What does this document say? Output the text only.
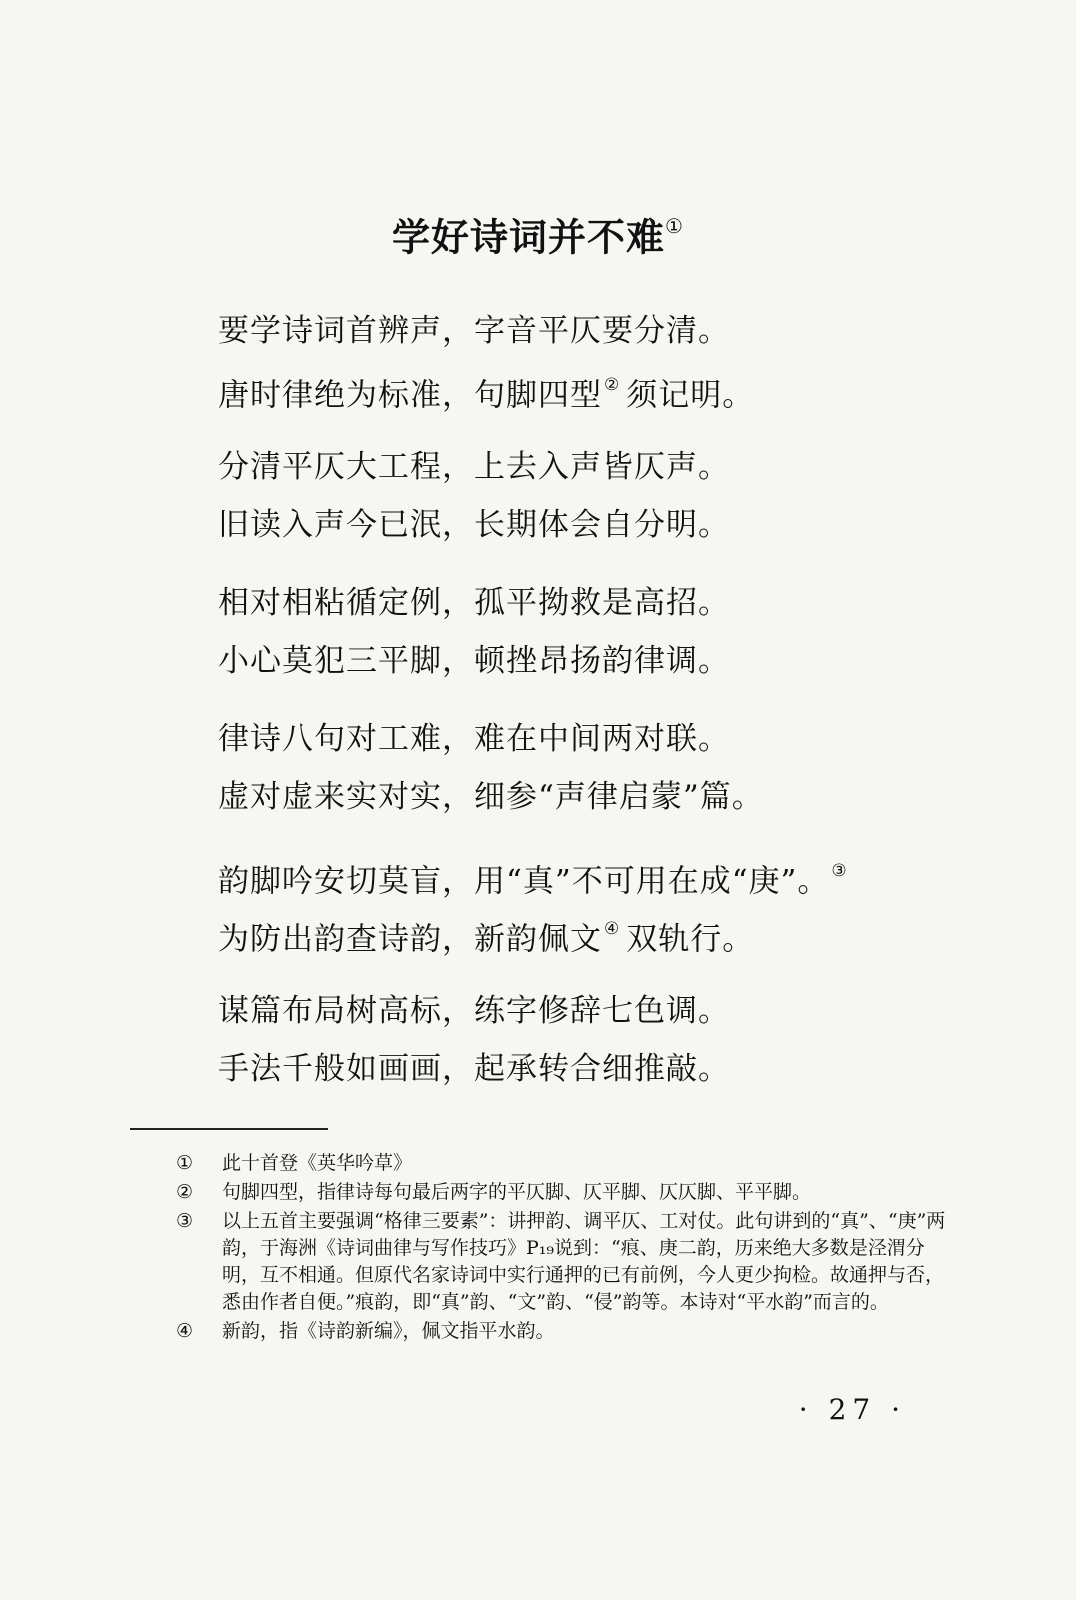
学好诗词并不难①
要学诗词首辨声，字音平仄要分清。
唐时律绝为标准，句脚四型 ② 须记明。
分清平仄大工程，上去入声皆仄声。
旧读入声今已泯，长期体会自分明。
相对相粘循定例，孤平拗救是高招。
小心莫犯三平脚，顿挫昂扬韵律调。
律诗八句对工难，难在中间两对联。
虚对虚来实对实，细参“声律启蒙”篇。
韵脚吟安切莫盲，用“真”不可用在成“庚”。 ③
为防出韵查诗韵，新韵佩文 ④ 双轨行。
谋篇布局树高标，练字修辞七色调。
手法千般如画画，起承转合细推敲。
①	此十首登《英华吟草》
②	句脚四型，指律诗每句最后两字的平仄脚、仄平脚、仄仄脚、平平脚。
③	以上五首主要强调“格律三要素”：讲押韵、调平仄、工对仗。此句讲到的“真”、“庚”两韵，于海洲《诗词曲律与写作技巧》P₁₉说到：“痕、庚二韵，历来绝大多数是泾渭分明，互不相通。但原代名家诗词中实行通押的已有前例，今人更少拘检。故通押与否，悉由作者自便。”痕韵，即“真”韵、“文”韵、“侵”韵等。本诗对“平水韵”而言的。
④	新韵，指《诗韵新编》，佩文指平水韵。
· 27 ·
